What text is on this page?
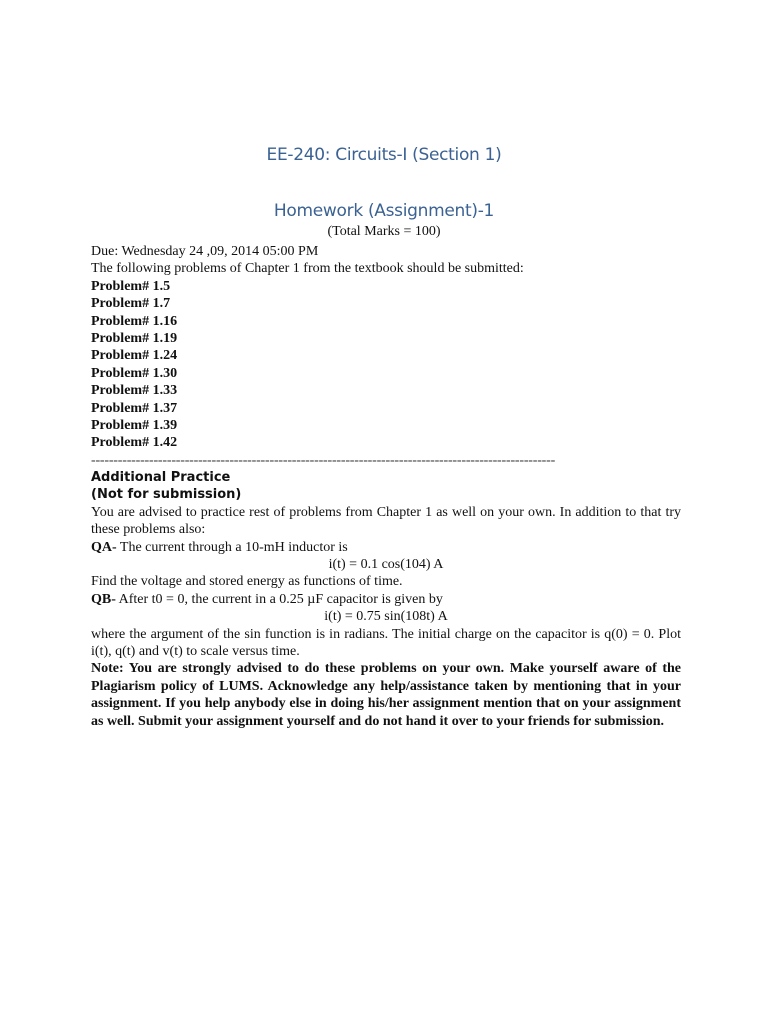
EE-240: Circuits-I (Section 1)
Homework (Assignment)-1
(Total Marks = 100)
Due: Wednesday 24 ,09, 2014 05:00 PM
The following problems of Chapter 1 from the textbook should be submitted:
Problem# 1.5
Problem# 1.7
Problem# 1.16
Problem# 1.19
Problem# 1.24
Problem# 1.30
Problem# 1.33
Problem# 1.37
Problem# 1.39
Problem# 1.42
--------------------------------------------------------------------------------------------------------
Additional Practice
(Not for submission)
You are advised to practice rest of problems from Chapter 1 as well on your own. In addition to that try these problems also:
QA- The current through a 10-mH inductor is
i(t) = 0.1 cos(104) A
Find the voltage and stored energy as functions of time.
QB- After t0 = 0, the current in a 0.25 µF capacitor is given by
i(t) = 0.75 sin(108t) A
where the argument of the sin function is in radians. The initial charge on the capacitor is q(0) = 0. Plot i(t), q(t) and v(t) to scale versus time.
Note: You are strongly advised to do these problems on your own. Make yourself aware of the Plagiarism policy of LUMS. Acknowledge any help/assistance taken by mentioning that in your assignment. If you help anybody else in doing his/her assignment mention that on your assignment as well. Submit your assignment yourself and do not hand it over to your friends for submission.
